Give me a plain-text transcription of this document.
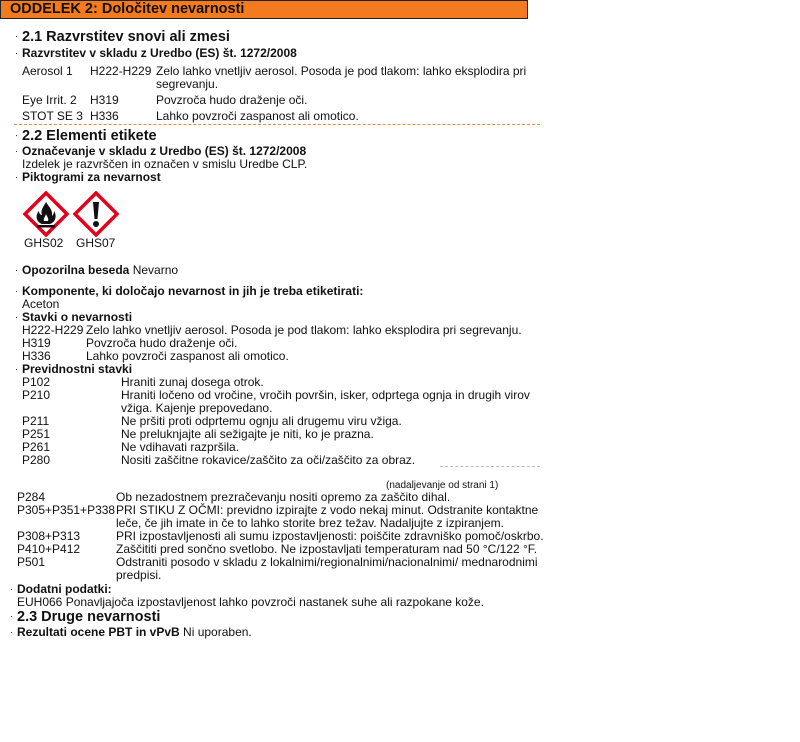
ODDELEK 2: Določitev nevarnosti
· 2.1 Razvrstitev snovi ali zmesi
· Razvrstitev v skladu z Uredbo (ES) št. 1272/2008
Aerosol 1 H222-H229 Zelo lahko vnetljiv aerosol. Posoda je pod tlakom: lahko eksplodira pri
segrevanju.
Eye Irrit. 2 H319	Povzroča hudo draženje oči.
STOT SE 3 H336	Lahko povzroči zaspanost ali omotico.
· 2.2 Elementi etikete
· Označevanje v skladu z Uredbo (ES) št. 1272/2008
Izdelek je razvrščen in označen v smislu Uredbe CLP.
· Piktogrami za nevarnost
GHS02 GHS07
· Opozorilna beseda Nevarno
· Komponente, ki določajo nevarnost in jih je treba etiketirati:
Aceton
· Stavki o nevarnosti
H222-H229 Zelo lahko vnetljiv aerosol. Posoda je pod tlakom: lahko eksplodira pri segrevanju.
H319	Povzroča hudo draženje oči.
H336	Lahko povzroči zaspanost ali omotico.
· Previdnostni stavki
P102	Hraniti zunaj dosega otrok.
P210	Hraniti ločeno od vročine, vročih površin, isker, odprtega ognja in drugih virov
vžiga. Kajenje prepovedano.
P211	Ne pršiti proti odprtemu ognju ali drugemu viru vžiga.
P251	Ne preluknjajte ali sežigajte je niti, ko je prazna.
P261	Ne vdihavati razpršila.
P280	Nositi zaščitne rokavice/zaščito za oči/zaščito za obraz.
(nadaljevanje od strani 1)
P284	Ob nezadostnem prezračevanju nositi opremo za zaščito dihal.
P305+P351+P338 PRI STIKU Z OČMI: previdno izpirajte z vodo nekaj minut. Odstranite kontaktne
leče, če jih imate in če to lahko storite brez težav. Nadaljujte z izpiranjem.
P308+P313	PRI izpostavljenosti ali sumu izpostavljenosti: poiščite zdravniško pomoč/oskrbo.
P410+P412	Zaščititi pred sončno svetlobo. Ne izpostavljati temperaturam nad 50 °C/122 °F.
P501	Odstraniti posodo v skladu z lokalnimi/regionalnimi/nacionalnimi/ mednarodnimi
predpisi.
· Dodatni podatki:
EUH066 Ponavljajoča izpostavljenost lahko povzroči nastanek suhe ali razpokane kože.
· 2.3 Druge nevarnosti
· Rezultati ocene PBT in vPvB Ni uporaben.
